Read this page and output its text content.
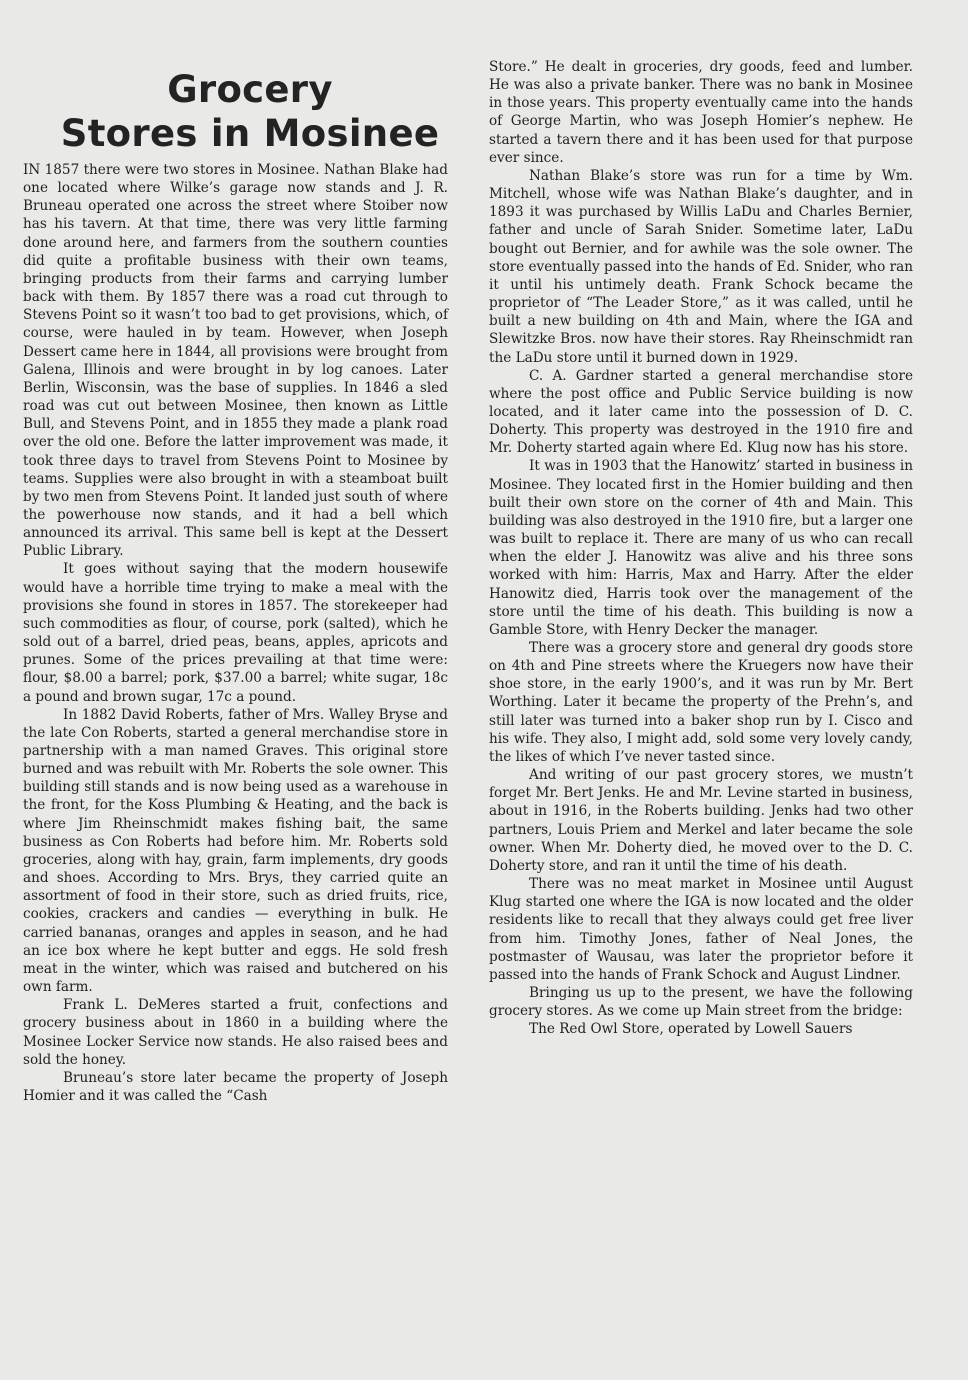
Grocery
Stores in Mosinee

IN 1857 there were two stores in Mosinee. Nathan Blake had one located where Wilke’s garage now stands and J. R. Bruneau operated one across the street where Stoiber now has his tavern. At that time, there was very little farming done around here, and farmers from the southern counties did quite a profitable business with their own teams, bringing products from their farms and carrying lumber back with them. By 1857 there was a road cut through to Stevens Point so it wasn’t too bad to get provisions, which, of course, were hauled in by team. However, when Joseph Dessert came here in 1844, all provisions were brought from Galena, Illinois and were brought in by log canoes. Later Berlin, Wisconsin, was the base of supplies. In 1846 a sled road was cut out between Mosinee, then known as Little Bull, and Stevens Point, and in 1855 they made a plank road over the old one. Before the latter improvement was made, it took three days to travel from Stevens Point to Mosinee by teams. Supplies were also brought in with a steamboat built by two men from Stevens Point. It landed just south of where the powerhouse now stands, and it had a bell which announced its arrival. This same bell is kept at the Dessert Public Library.

It goes without saying that the modern housewife would have a horrible time trying to make a meal with the provisions she found in stores in 1857. The storekeeper had such commodities as flour, of course, pork (salted), which he sold out of a barrel, dried peas, beans, apples, apricots and prunes. Some of the prices prevailing at that time were: flour, $8.00 a barrel; pork, $37.00 a barrel; white sugar, 18c a pound and brown sugar, 17c a pound.

In 1882 David Roberts, father of Mrs. Walley Bryse and the late Con Roberts, started a general merchandise store in partnership with a man named Graves. This original store burned and was rebuilt with Mr. Roberts the sole owner. This building still stands and is now being used as a warehouse in the front, for the Koss Plumbing & Heating, and the back is where Jim Rheinschmidt makes fishing bait, the same business as Con Roberts had before him. Mr. Roberts sold groceries, along with hay, grain, farm implements, dry goods and shoes. According to Mrs. Brys, they carried quite an assortment of food in their store, such as dried fruits, rice, cookies, crackers and candies — everything in bulk. He carried bananas, oranges and apples in season, and he had an ice box where he kept butter and eggs. He sold fresh meat in the winter, which was raised and butchered on his own farm.

Frank L. DeMeres started a fruit, confections and grocery business about in 1860 in a building where the Mosinee Locker Service now stands. He also raised bees and sold the honey.

Bruneau’s store later became the property of Joseph Homier and it was called the “Cash

Store.” He dealt in groceries, dry goods, feed and lumber. He was also a private banker. There was no bank in Mosinee in those years. This property eventually came into the hands of George Martin, who was Joseph Homier’s nephew. He started a tavern there and it has been used for that purpose ever since.

Nathan Blake’s store was run for a time by Wm. Mitchell, whose wife was Nathan Blake’s daughter, and in 1893 it was purchased by Willis LaDu and Charles Bernier, father and uncle of Sarah Snider. Sometime later, LaDu bought out Bernier, and for awhile was the sole owner. The store eventually passed into the hands of Ed. Snider, who ran it until his untimely death. Frank Schock became the proprietor of “The Leader Store,” as it was called, until he built a new building on 4th and Main, where the IGA and Slewitzke Bros. now have their stores. Ray Rheinschmidt ran the LaDu store until it burned down in 1929.

C. A. Gardner started a general merchandise store where the post office and Public Service building is now located, and it later came into the possession of D. C. Doherty. This property was destroyed in the 1910 fire and Mr. Doherty started again where Ed. Klug now has his store.

It was in 1903 that the Hanowitz’ started in business in Mosinee. They located first in the Homier building and then built their own store on the corner of 4th and Main. This building was also destroyed in the 1910 fire, but a larger one was built to replace it. There are many of us who can recall when the elder J. Hanowitz was alive and his three sons worked with him: Harris, Max and Harry. After the elder Hanowitz died, Harris took over the management of the store until the time of his death. This building is now a Gamble Store, with Henry Decker the manager.

There was a grocery store and general dry goods store on 4th and Pine streets where the Kruegers now have their shoe store, in the early 1900’s, and it was run by Mr. Bert Worthing. Later it became the property of the Prehn’s, and still later was turned into a baker shop run by I. Cisco and his wife. They also, I might add, sold some very lovely candy, the likes of which I’ve never tasted since.

And writing of our past grocery stores, we mustn’t forget Mr. Bert Jenks. He and Mr. Levine started in business, about in 1916, in the Roberts building. Jenks had two other partners, Louis Priem and Merkel and later became the sole owner. When Mr. Doherty died, he moved over to the D. C. Doherty store, and ran it until the time of his death.

There was no meat market in Mosinee until August Klug started one where the IGA is now located and the older residents like to recall that they always could get free liver from him. Timothy Jones, father of Neal Jones, the postmaster of Wausau, was later the proprietor before it passed into the hands of Frank Schock and August Lindner.

Bringing us up to the present, we have the following grocery stores. As we come up Main street from the bridge:

The Red Owl Store, operated by Lowell Sauers
